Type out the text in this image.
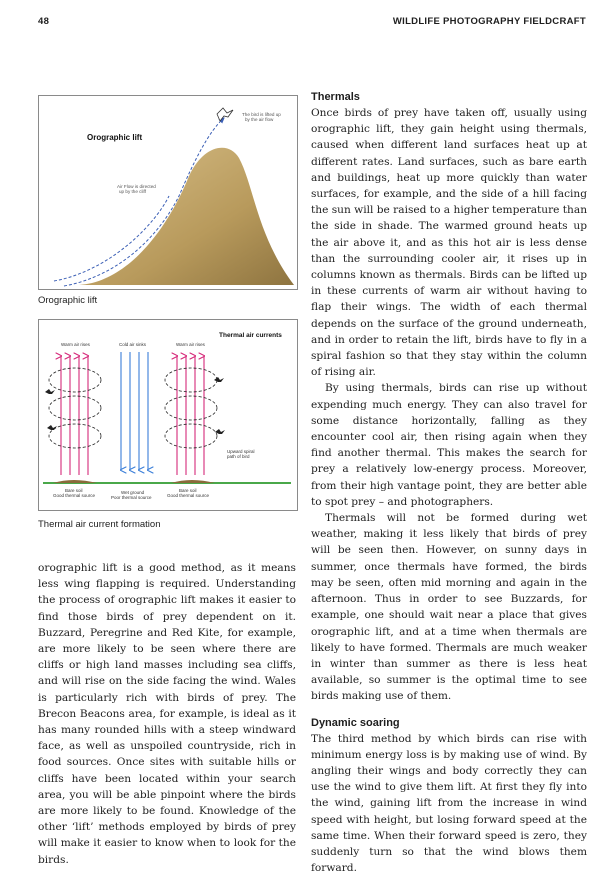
48	WILDLIFE PHOTOGRAPHY FIELDCRAFT
Orographic lift
The bird is lifted up by the air flow
Air Flow is directed up by the cliff
Orographic lift
Thermal air currents
Warm air rises	Cold air sinks	Warm air rises
Upward spiral path of bird
Bare soil
Good thermal source
Wet ground
Poor thermal source
Bare soil
Good thermal source
Thermal air current formation

orographic lift is a good method, as it means less wing flapping is required. Understanding the process of orographic lift makes it easier to find those birds of prey dependent on it. Buzzard, Peregrine and Red Kite, for example, are more likely to be seen where there are cliffs or high land masses including sea cliffs, and will rise on the side facing the wind. Wales is particularly rich with birds of prey. The Brecon Beacons area, for example, is ideal as it has many rounded hills with a steep windward face, as well as unspoiled countryside, rich in food sources. Once sites with suitable hills or cliffs have been located within your search area, you will be able pinpoint where the birds are more likely to be found. Knowledge of the other ‘lift’ methods employed by birds of prey will make it easier to know when to look for the birds.

Thermals

Once birds of prey have taken off, usually using orographic lift, they gain height using thermals, caused when different land surfaces heat up at different rates. Land surfaces, such as bare earth and buildings, heat up more quickly than water surfaces, for example, and the side of a hill facing the sun will be raised to a higher temperature than the side in shade. The warmed ground heats up the air above it, and as this hot air is less dense than the surrounding cooler air, it rises up in columns known as thermals. Birds can be lifted up in these currents of warm air without having to flap their wings. The width of each thermal depends on the surface of the ground underneath, and in order to retain the lift, birds have to fly in a spiral fashion so that they stay within the column of rising air.

By using thermals, birds can rise up without expending much energy. They can also travel for some distance horizontally, falling as they encounter cool air, then rising again when they find another thermal. This makes the search for prey a relatively low-energy process. Moreover, from their high vantage point, they are better able to spot prey – and photographers.

Thermals will not be formed during wet weather, making it less likely that birds of prey will be seen then. However, on sunny days in summer, once thermals have formed, the birds may be seen, often mid morning and again in the afternoon. Thus in order to see Buzzards, for example, one should wait near a place that gives orographic lift, and at a time when thermals are likely to have formed. Thermals are much weaker in winter than summer as there is less heat available, so summer is the optimal time to see birds making use of them.

Dynamic soaring

The third method by which birds can rise with minimum energy loss is by making use of wind. By angling their wings and body correctly they can use the wind to give them lift. At first they fly into the wind, gaining lift from the increase in wind speed with height, but losing forward speed at the same time. When their forward speed is zero, they suddenly turn so that the wind blows them forward.
